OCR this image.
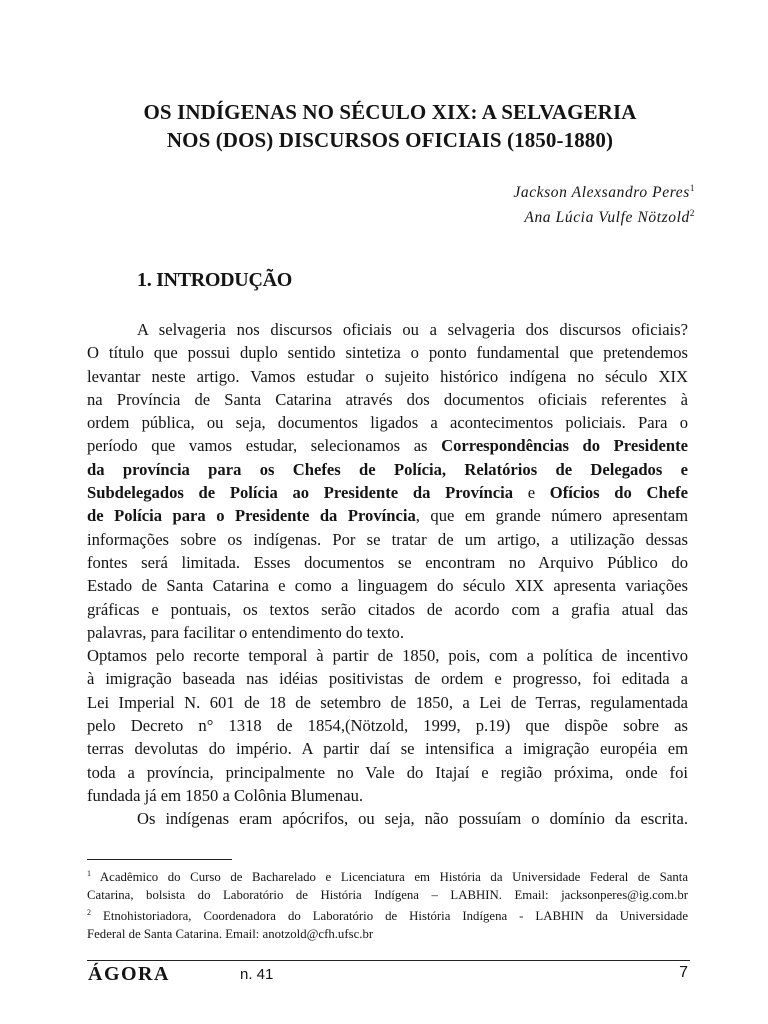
OS INDÍGENAS NO SÉCULO XIX: A SELVAGERIA
NOS (DOS) DISCURSOS OFICIAIS (1850-1880)
Jackson Alexsandro Peres$^1$
Ana Lúcia Vulfe Nötzold$^2$
1. INTRODUÇÃO
A selvageria nos discursos oficiais ou a selvageria dos discursos oficiais?
O título que possui duplo sentido sintetiza o ponto fundamental que pretendemos
levantar neste artigo. Vamos estudar o sujeito histórico indígena no século XIX
na Província de Santa Catarina através dos documentos oficiais referentes à
ordem pública, ou seja, documentos ligados a acontecimentos policiais. Para o
período que vamos estudar, selecionamos as Correspondências do Presidente
da província para os Chefes de Polícia, Relatórios de Delegados e
Subdelegados de Polícia ao Presidente da Província e Ofícios do Chefe
de Polícia para o Presidente da Província, que em grande número apresentam
informações sobre os indígenas. Por se tratar de um artigo, a utilização dessas
fontes será limitada. Esses documentos se encontram no Arquivo Público do
Estado de Santa Catarina e como a linguagem do século XIX apresenta variações
gráficas e pontuais, os textos serão citados de acordo com a grafia atual das
palavras, para facilitar o entendimento do texto.
Optamos pelo recorte temporal à partir de 1850, pois, com a política de incentivo
à imigração baseada nas idéias positivistas de ordem e progresso, foi editada a
Lei Imperial N. 601 de 18 de setembro de 1850, a Lei de Terras, regulamentada
pelo Decreto n° 1318 de 1854,(Nötzold, 1999, p.19) que dispõe sobre as
terras devolutas do império. A partir daí se intensifica a imigração européia em
toda a província, principalmente no Vale do Itajaí e região próxima, onde foi
fundada já em 1850 a Colônia Blumenau.
Os indígenas eram apócrifos, ou seja, não possuíam o domínio da escrita.
$^1$ Acadêmico do Curso de Bacharelado e Licenciatura em História da Universidade Federal de Santa
Catarina, bolsista do Laboratório de História Indígena – LABHIN. Email: jacksonperes@ig.com.br
$^2$ Etnohistoriadora, Coordenadora do Laboratório de História Indígena - LABHIN da Universidade
Federal de Santa Catarina. Email: anotzold@cfh.ufsc.br
ÁGORA	n. 41	7
